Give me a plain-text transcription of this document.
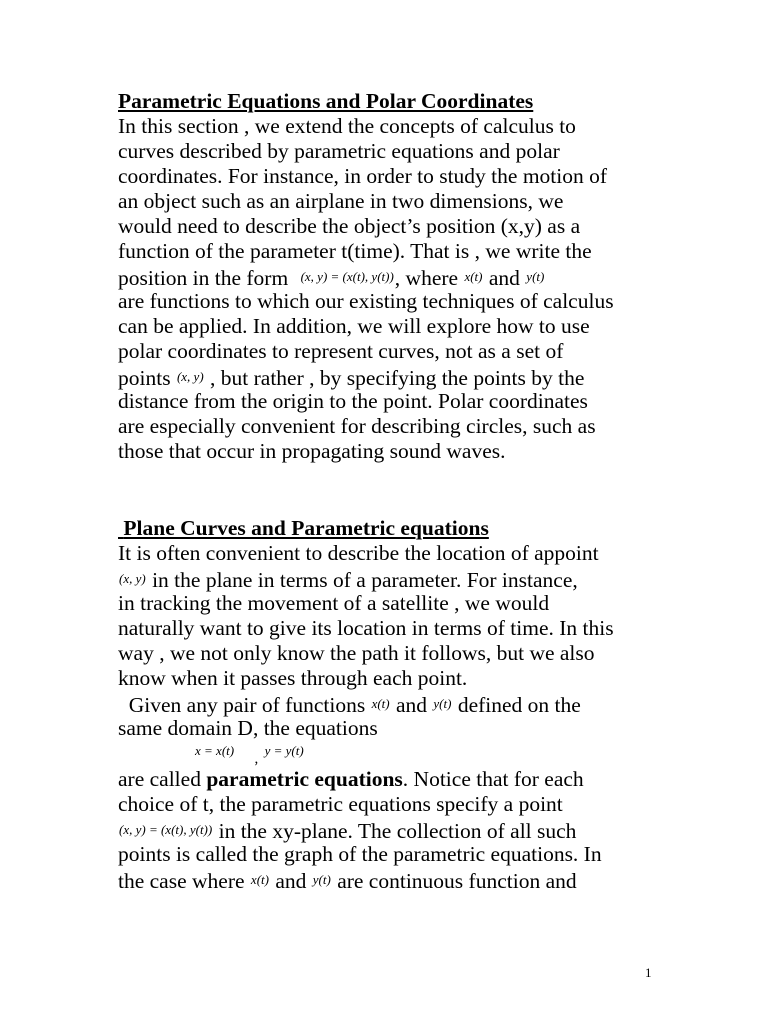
Parametric Equations and Polar Coordinates
In this section , we extend the concepts of calculus to
curves described by parametric equations and polar
coordinates. For instance, in order to study the motion of
an object such as an airplane in two dimensions, we
would need to describe the object’s position (x,y) as a
function of the parameter t(time). That is , we write the
position in the form (x, y) = (x(t), y(t)), where x(t) and y(t)
are functions to which our existing techniques of calculus
can be applied. In addition, we will explore how to use
polar coordinates to represent curves, not as a set of
points (x, y) , but rather , by specifying the points by the
distance from the origin to the point. Polar coordinates
are especially convenient for describing circles, such as
those that occur in propagating sound waves.
Plane Curves and Parametric equations
It is often convenient to describe the location of appoint
(x, y) in the plane in terms of a parameter. For instance,
in tracking the movement of a satellite , we would
naturally want to give its location in terms of time. In this
way , we not only know the path it follows, but we also
know when it passes through each point.
Given any pair of functions x(t) and y(t) defined on the
same domain D, the equations
x = x(t) , y = y(t)
are called parametric equations. Notice that for each
choice of t, the parametric equations specify a point
(x, y) = (x(t), y(t)) in the xy-plane. The collection of all such
points is called the graph of the parametric equations. In
the case where x(t) and y(t) are continuous function and
1
